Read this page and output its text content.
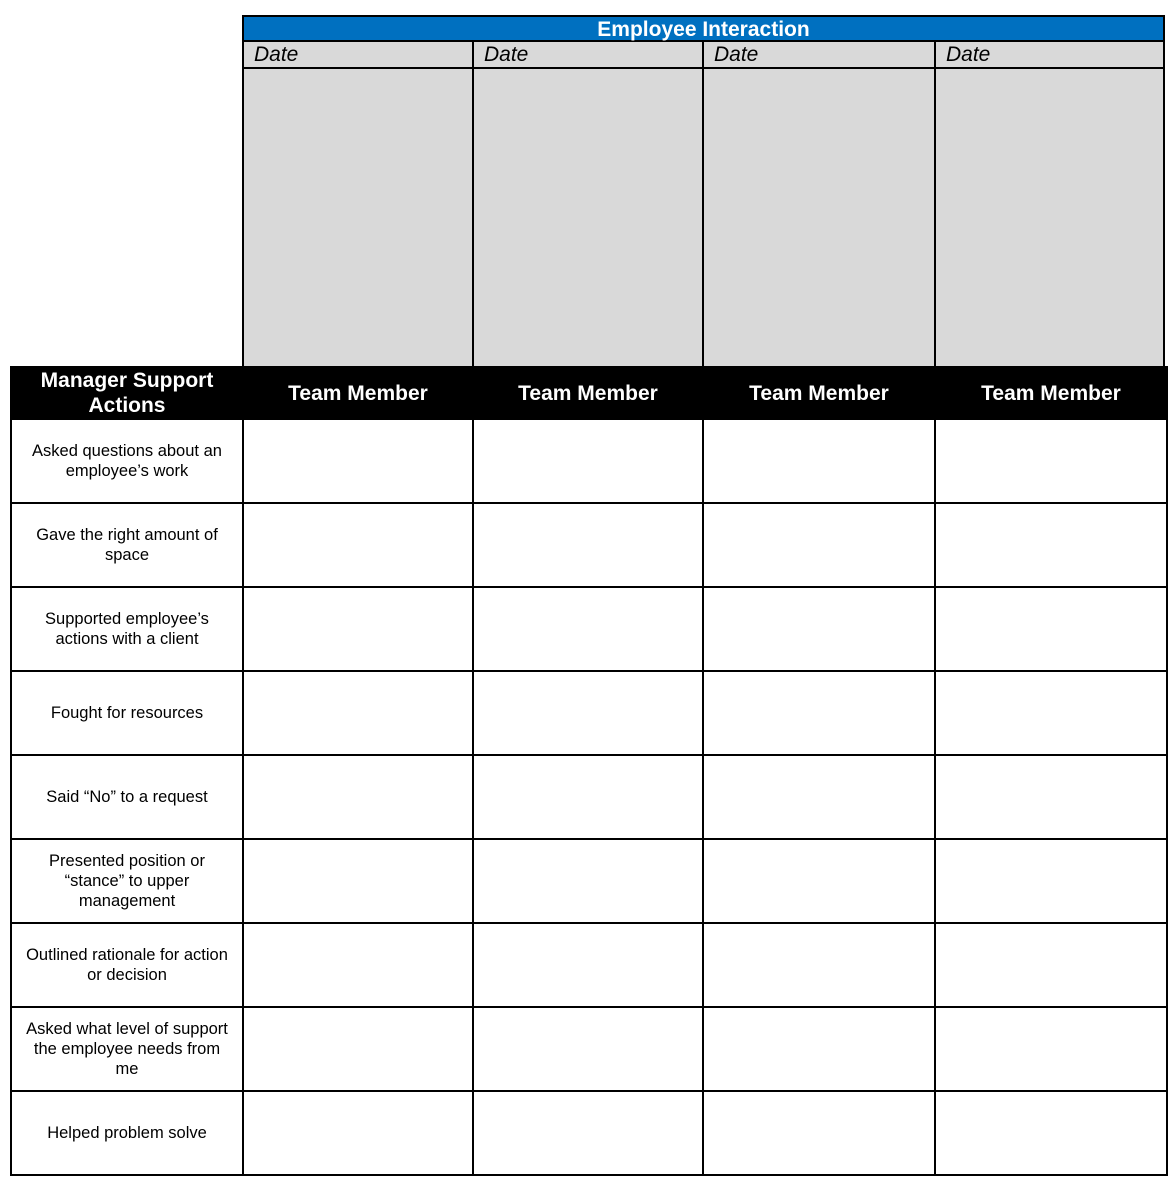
Employee Interaction
Date	Date	Date	Date
Manager Support Actions	Team Member	Team Member	Team Member	Team Member
Asked questions about an employee’s work				
Gave the right amount of space				
Supported employee’s actions with a client				
Fought for resources				
Said “No” to a request				
Presented position or “stance” to upper management				
Outlined rationale for action or decision				
Asked what level of support the employee needs from me				
Helped problem solve				
